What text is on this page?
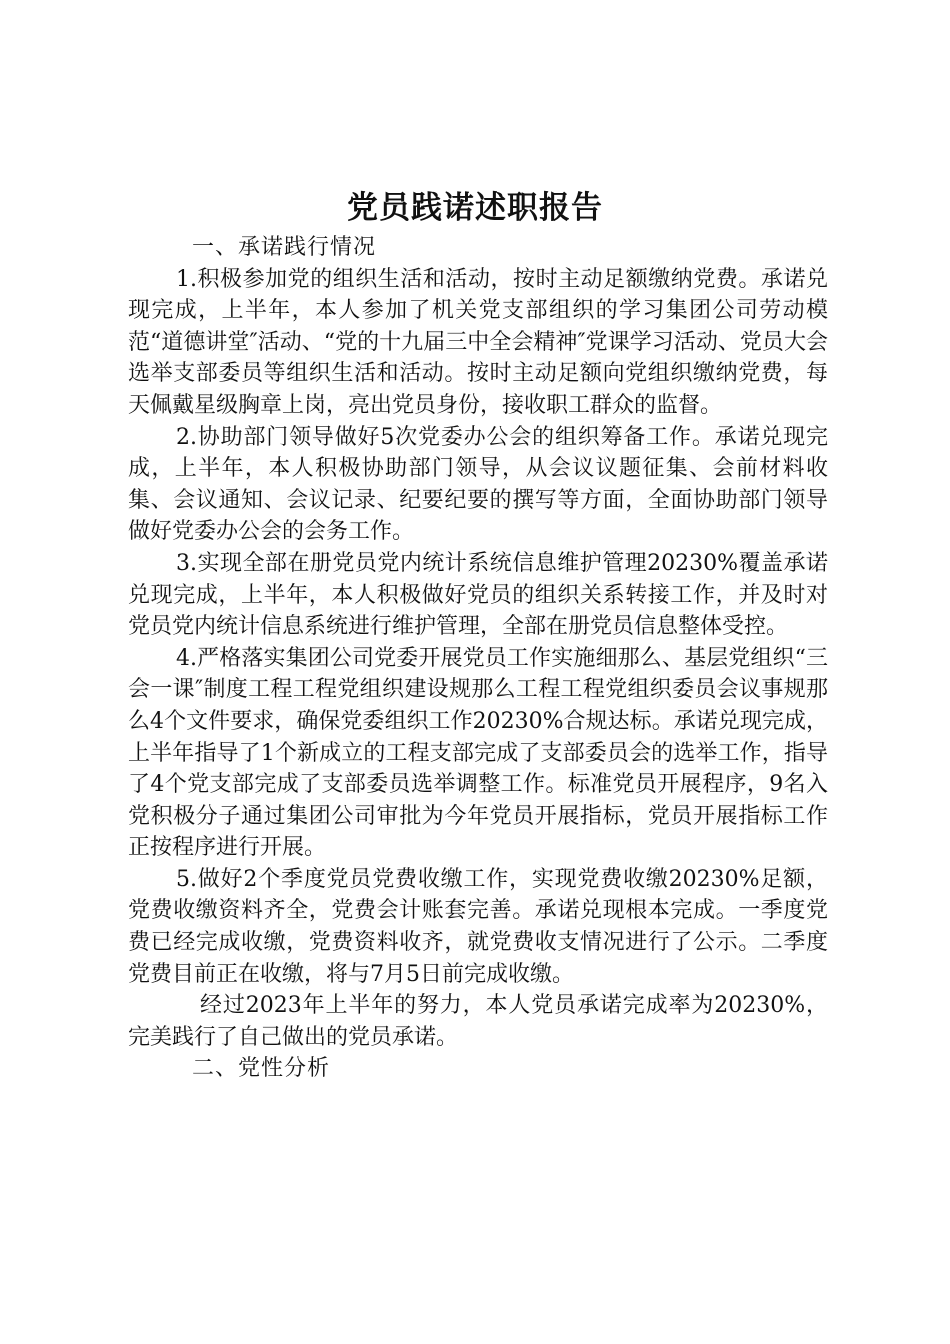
党员践诺述职报告

一、承诺践行情况

1.积极参加党的组织生活和活动，按时主动足额缴纳党费。承诺兑现完成，上半年，本人参加了机关党支部组织的学习集团公司劳动模范“道德讲堂″活动、“党的十九届三中全会精神″党课学习活动、党员大会选举支部委员等组织生活和活动。按时主动足额向党组织缴纳党费，每天佩戴星级胸章上岗，亮出党员身份，接收职工群众的监督。

2.协助部门领导做好5次党委办公会的组织筹备工作。承诺兑现完成，上半年，本人积极协助部门领导，从会议议题征集、会前材料收集、会议通知、会议记录、纪要纪要的撰写等方面，全面协助部门领导做好党委办公会的会务工作。

3.实现全部在册党员党内统计系统信息维护管理20230%覆盖承诺兑现完成，上半年，本人积极做好党员的组织关系转接工作，并及时对党员党内统计信息系统进行维护管理，全部在册党员信息整体受控。

4.严格落实集团公司党委开展党员工作实施细那么、基层党组织“三会一课″制度工程工程党组织建设规那么工程工程党组织委员会议事规那么4个文件要求，确保党委组织工作20230%合规达标。承诺兑现完成，上半年指导了1个新成立的工程支部完成了支部委员会的选举工作，指导了4个党支部完成了支部委员选举调整工作。标准党员开展程序，9名入党积极分子通过集团公司审批为今年党员开展指标，党员开展指标工作正按程序进行开展。

5.做好2个季度党员党费收缴工作，实现党费收缴20230%足额，党费收缴资料齐全，党费会计账套完善。承诺兑现根本完成。一季度党费已经完成收缴，党费资料收齐，就党费收支情况进行了公示。二季度党费目前正在收缴，将与7月5日前完成收缴。

经过2023年上半年的努力，本人党员承诺完成率为20230%，完美践行了自己做出的党员承诺。

二、党性分析
